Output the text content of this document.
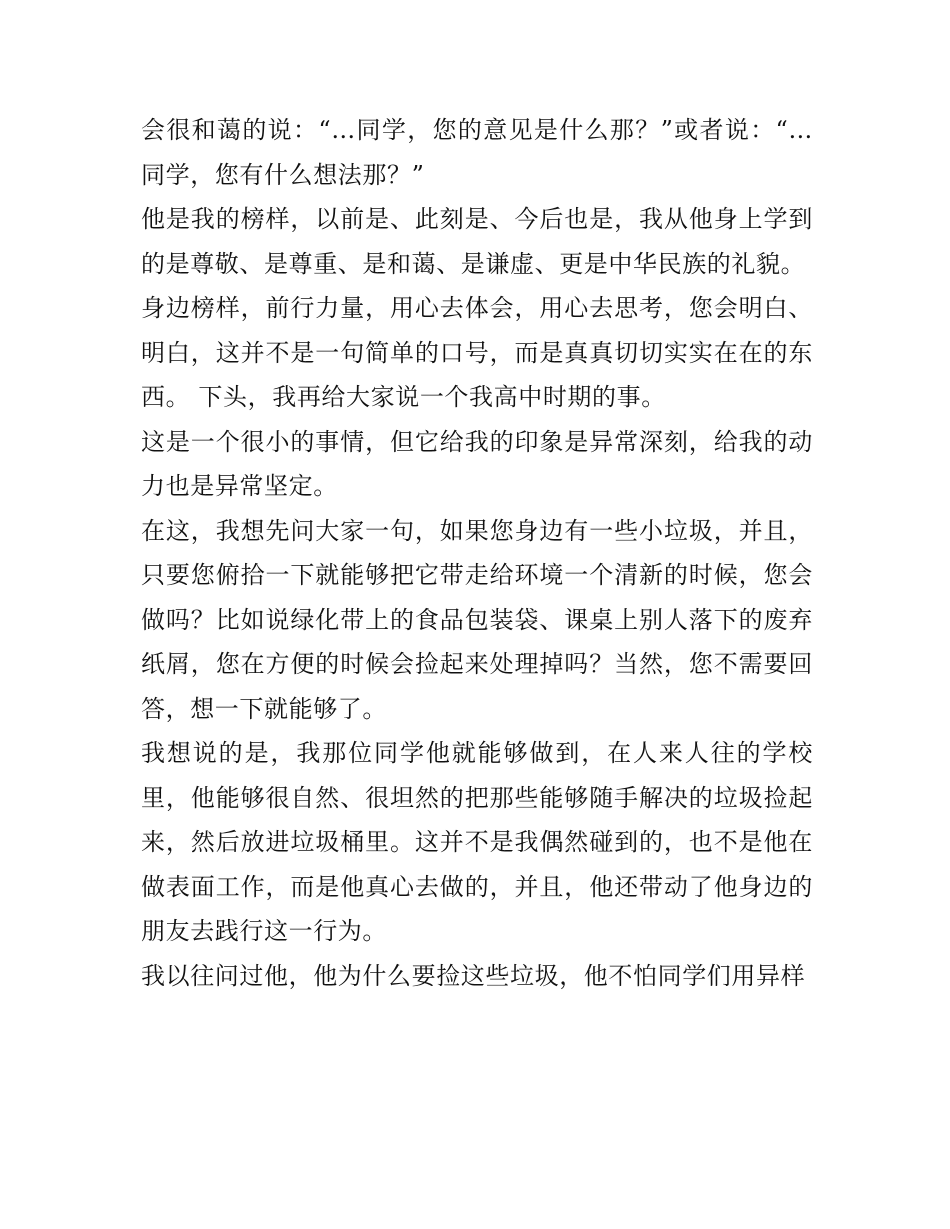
会很和蔼的说：“…同学，您的意见是什么那？”或者说：“…同学，您有什么想法那？”

他是我的榜样，以前是、此刻是、今后也是，我从他身上学到的是尊敬、是尊重、是和蔼、是谦虚、更是中华民族的礼貌。

身边榜样，前行力量，用心去体会，用心去思考，您会明白、明白，这并不是一句简单的口号，而是真真切切实实在在的东西。 下头，我再给大家说一个我高中时期的事。

这是一个很小的事情，但它给我的印象是异常深刻，给我的动力也是异常坚定。

在这，我想先问大家一句，如果您身边有一些小垃圾，并且，只要您俯拾一下就能够把它带走给环境一个清新的时候，您会做吗？比如说绿化带上的食品包装袋、课桌上别人落下的废弃纸屑，您在方便的时候会捡起来处理掉吗？当然，您不需要回答，想一下就能够了。

我想说的是，我那位同学他就能够做到，在人来人往的学校里，他能够很自然、很坦然的把那些能够随手解决的垃圾捡起来，然后放进垃圾桶里。这并不是我偶然碰到的，也不是他在做表面工作，而是他真心去做的，并且，他还带动了他身边的朋友去践行这一行为。

我以往问过他，他为什么要捡这些垃圾，他不怕同学们用异样
